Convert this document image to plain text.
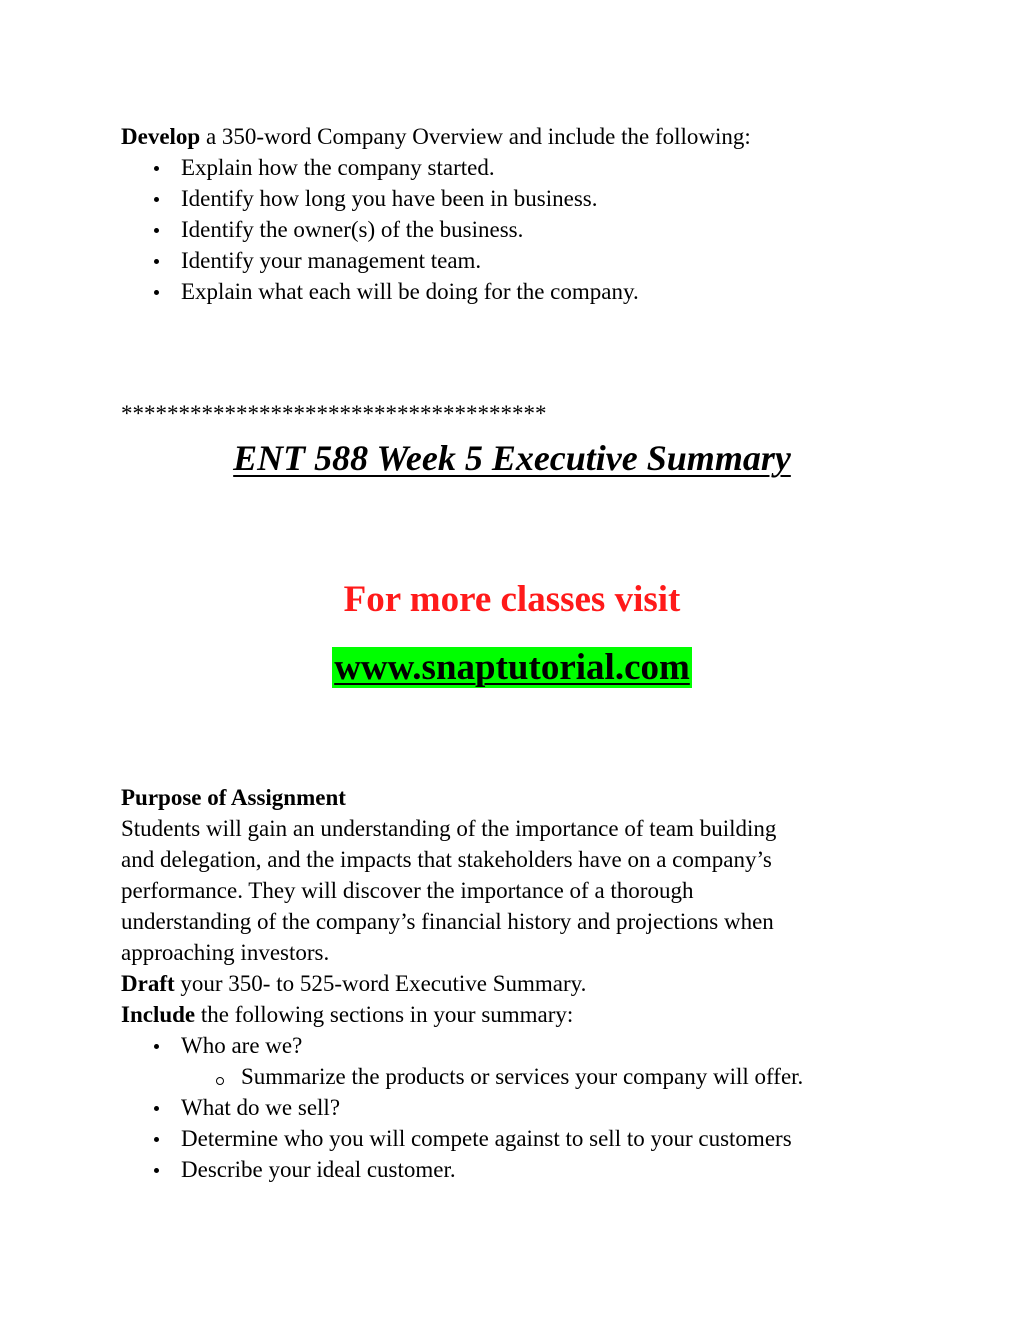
Develop a 350-word Company Overview and include the following:
Explain how the company started.
Identify how long you have been in business.
Identify the owner(s) of the business.
Identify your management team.
Explain what each will be doing for the company.
*************************************
ENT 588 Week 5 Executive Summary
For more classes visit
www.snaptutorial.com
Purpose of Assignment
Students will gain an understanding of the importance of team building
and delegation, and the impacts that stakeholders have on a company’s
performance. They will discover the importance of a thorough
understanding of the company’s financial history and projections when
approaching investors.
Draft your 350- to 525-word Executive Summary.
Include the following sections in your summary:
Who are we?
Summarize the products or services your company will offer.
What do we sell?
Determine who you will compete against to sell to your customers
Describe your ideal customer.
